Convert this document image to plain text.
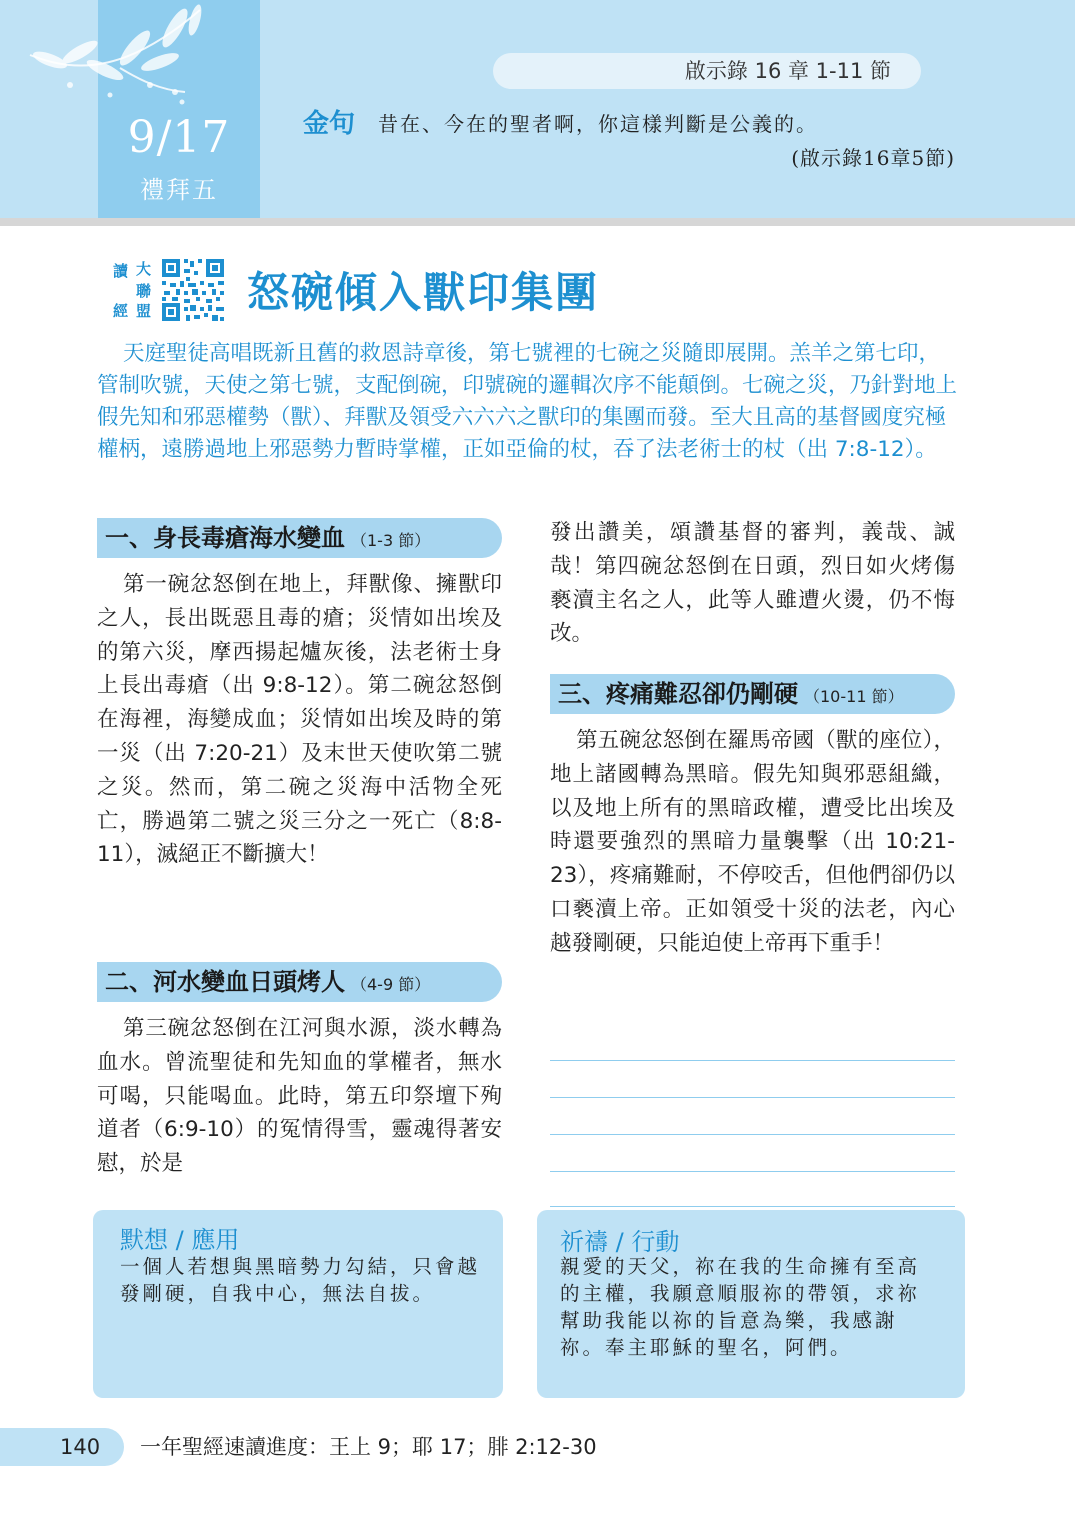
9/17
禮拜五
啟示錄 16 章 1-11 節
金句 昔在、今在的聖者啊，你這樣判斷是公義的。
(啟示錄16章5節)
讀 大
聯
經 盟 怒碗傾入獸印集團

天庭聖徒高唱既新且舊的救恩詩章後，第七號裡的七碗之災隨即展開。羔羊之第七印，管制吹號，天使之第七號，支配倒碗，印號碗的邏輯次序不能顛倒。七碗之災，乃針對地上假先知和邪惡權勢（獸）、拜獸及領受六六六之獸印的集團而發。至大且高的基督國度究極權柄，遠勝過地上邪惡勢力暫時掌權，正如亞倫的杖，吞了法老術士的杖（出 7:8-12）。

一、身長毒瘡海水變血 （1-3 節）

第一碗忿怒倒在地上，拜獸像、擁獸印之人，長出既惡且毒的瘡；災情如出埃及的第六災，摩西揚起爐灰後，法老術士身上長出毒瘡（出 9:8-12）。第二碗忿怒倒在海裡，海變成血；災情如出埃及時的第一災（出 7:20-21）及末世天使吹第二號之災。然而，第二碗之災海中活物全死亡，勝過第二號之災三分之一死亡（8:8-11），滅絕正不斷擴大！

二、河水變血日頭烤人 （4-9 節）

第三碗忿怒倒在江河與水源，淡水轉為血水。曾流聖徒和先知血的掌權者，無水可喝，只能喝血。此時，第五印祭壇下殉道者（6:9-10）的冤情得雪，靈魂得著安慰，於是

發出讚美，頌讚基督的審判，義哉、誠哉！第四碗忿怒倒在日頭，烈日如火烤傷褻瀆主名之人，此等人雖遭火燙，仍不悔改。

三、疼痛難忍卻仍剛硬 （10-11 節）

第五碗忿怒倒在羅馬帝國（獸的座位），地上諸國轉為黑暗。假先知與邪惡組織，以及地上所有的黑暗政權，遭受比出埃及時還要強烈的黑暗力量襲擊（出 10:21-23），疼痛難耐，不停咬舌，但他們卻仍以口褻瀆上帝。正如領受十災的法老，內心越發剛硬，只能迫使上帝再下重手！

默想 / 應用
一個人若想與黑暗勢力勾結，只會越發剛硬，自我中心，無法自拔。
祈禱 / 行動
親愛的天父，祢在我的生命擁有至高的主權，我願意順服祢的帶領，求祢幫助我能以祢的旨意為樂，我感謝祢。奉主耶穌的聖名，阿們。
140 一年聖經速讀進度：王上 9；耶 17；腓 2:12-30
